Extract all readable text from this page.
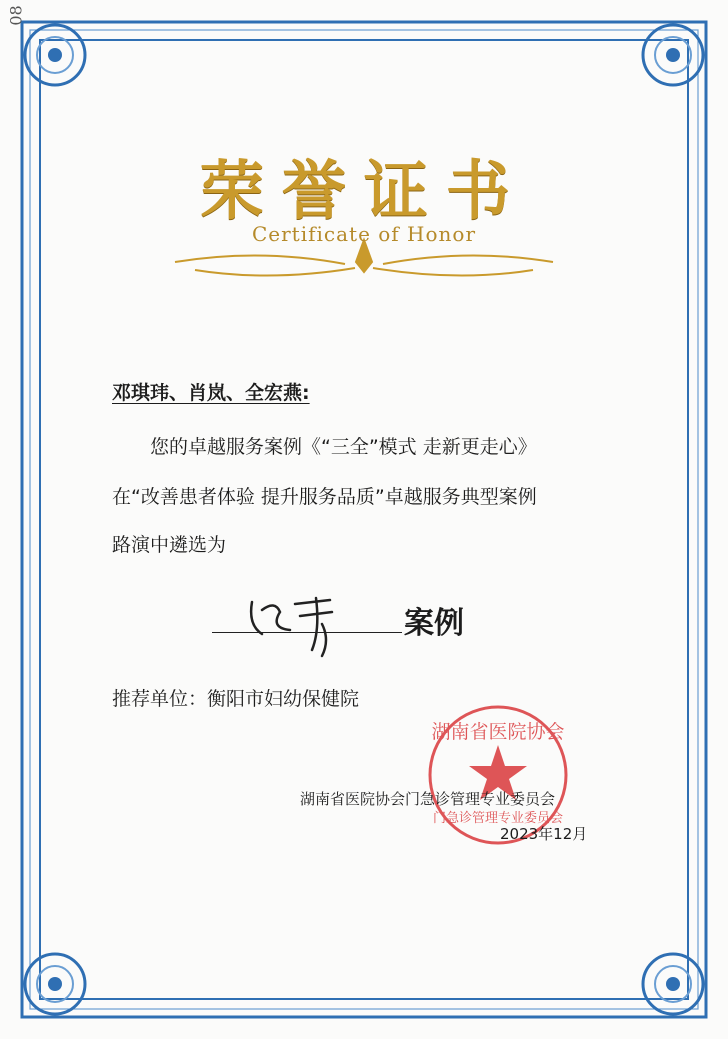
湖南省医院协会
门急诊管理专业委员会
08
荣誉证书
Certificate of Honor
邓琪玮、肖岚、全宏燕:
您的卓越服务案例《“三全”模式 走新更走心》
在“改善患者体验 提升服务品质”卓越服务典型案例
路演中遴选为
案例
推荐单位：衡阳市妇幼保健院
湖南省医院协会门急诊管理专业委员会
2023年12月
